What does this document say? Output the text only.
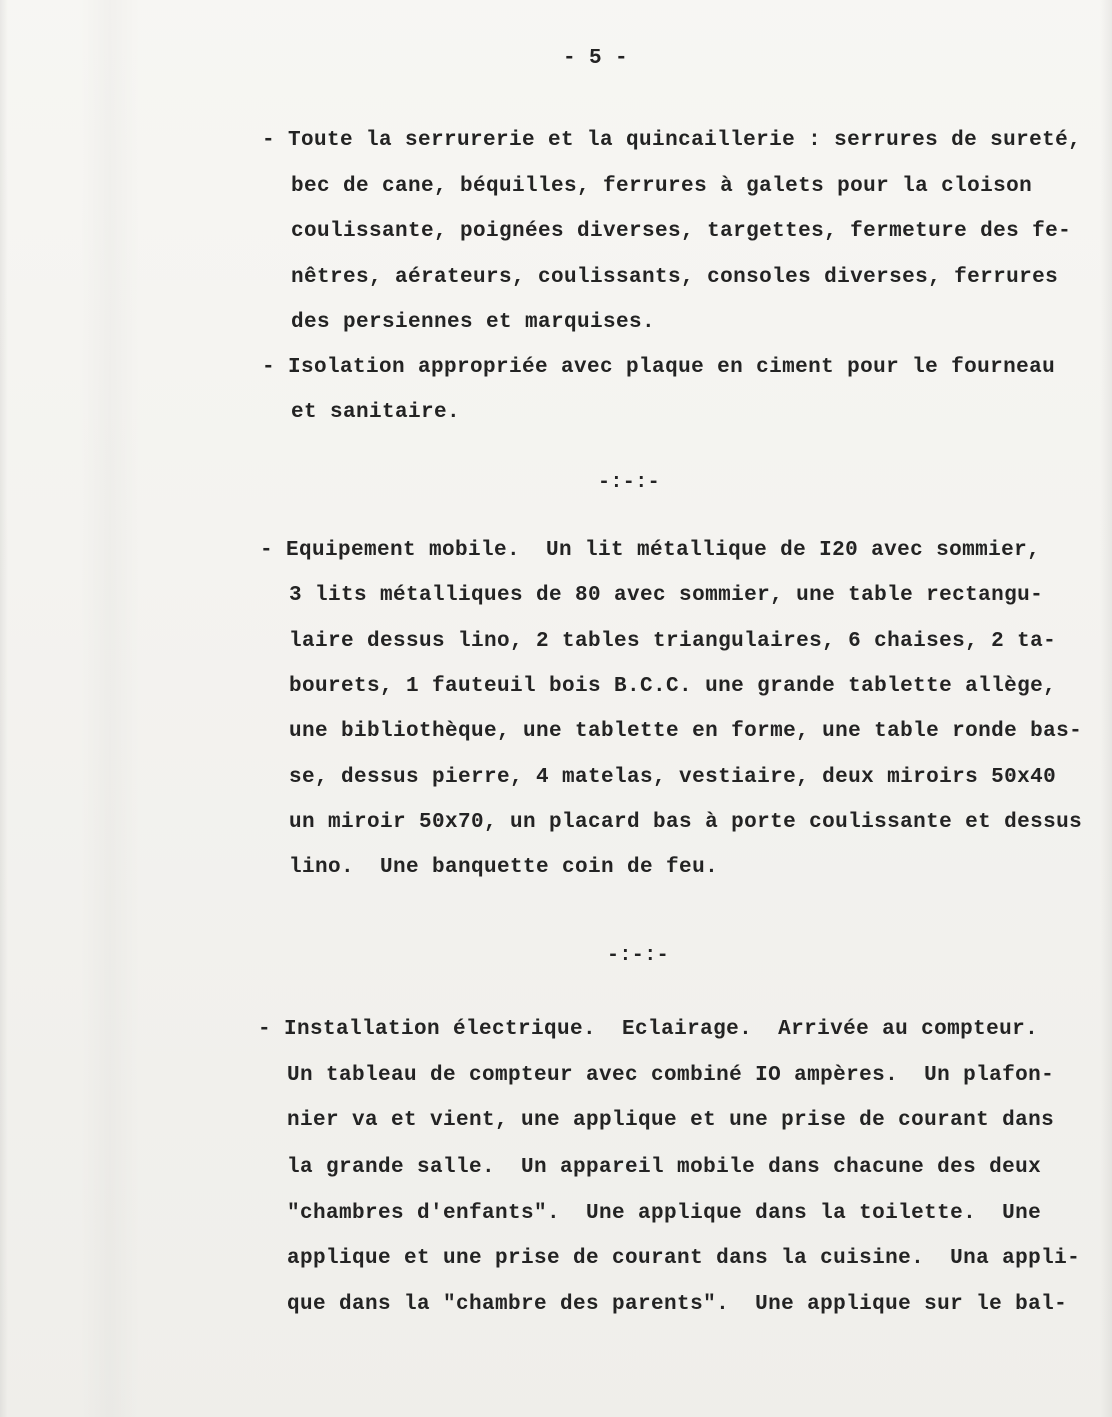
- 5 -
- Toute la serrurerie et la quincaillerie : serrures de sureté,
bec de cane, béquilles, ferrures à galets pour la cloison
coulissante, poignées diverses, targettes, fermeture des fe-
nêtres, aérateurs, coulissants, consoles diverses, ferrures
des persiennes et marquises.
- Isolation appropriée avec plaque en ciment pour le fourneau
et sanitaire.
-:-:-
- Equipement mobile.  Un lit métallique de I20 avec sommier,
3 lits métalliques de 80 avec sommier, une table rectangu-
laire dessus lino, 2 tables triangulaires, 6 chaises, 2 ta-
bourets, 1 fauteuil bois B.C.C. une grande tablette allège,
une bibliothèque, une tablette en forme, une table ronde bas-
se, dessus pierre, 4 matelas, vestiaire, deux miroirs 50x40
un miroir 50x70, un placard bas à porte coulissante et dessus
lino.  Une banquette coin de feu.
-:-:-
- Installation électrique.  Eclairage.  Arrivée au compteur.
Un tableau de compteur avec combiné IO ampères.  Un plafon-
nier va et vient, une applique et une prise de courant dans
la grande salle.  Un appareil mobile dans chacune des deux
"chambres d'enfants".  Une applique dans la toilette.  Une
applique et une prise de courant dans la cuisine.  Una appli-
que dans la "chambre des parents".  Une applique sur le bal-
